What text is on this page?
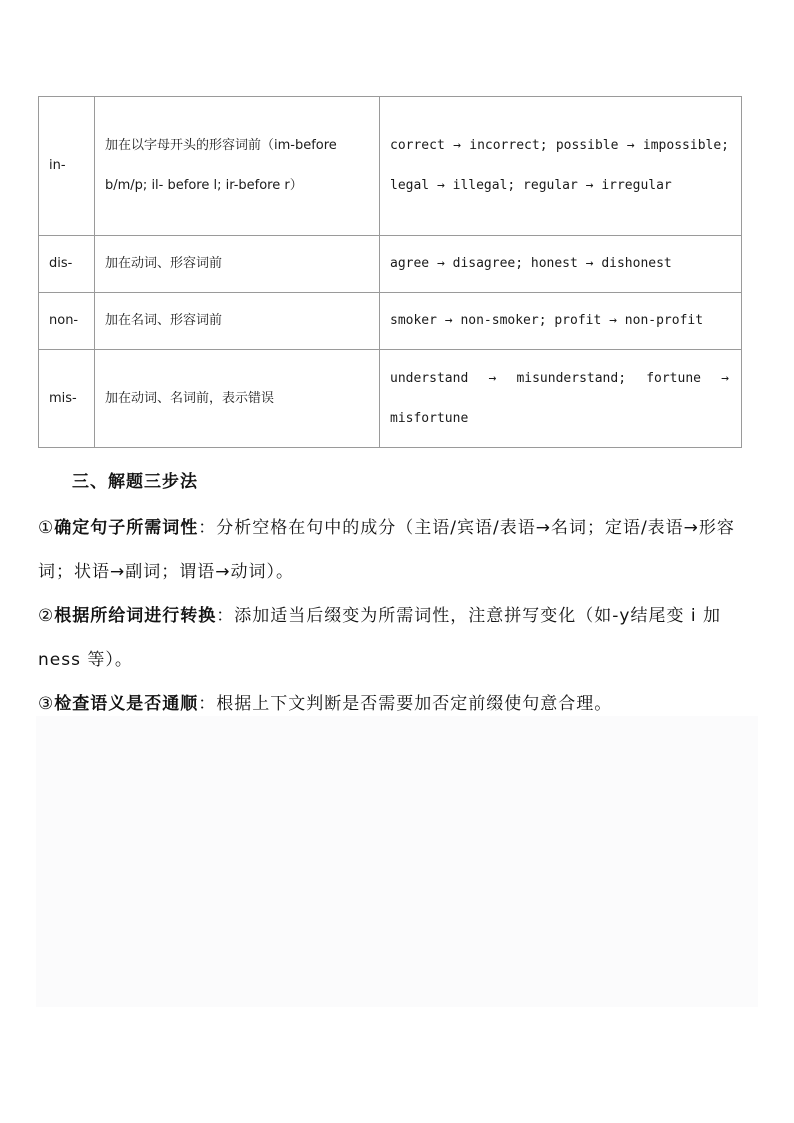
in-	加在以字母开头的形容词前（im-before b/m/p; il- before l; ir-before r）	correct → incorrect; possible → impossible; legal → illegal; regular → irregular
dis-	加在动词、形容词前	agree → disagree; honest → dishonest
non-	加在名词、形容词前	smoker → non-smoker; profit → non-profit
mis-	加在动词、名词前，表示错误	understand → misunderstand; fortune → misfortune
三、解题三步法

①确定句子所需词性：分析空格在句中的成分（主语/宾语/表语→名词；定语/表语→形容词；状语→副词；谓语→动词）。

②根据所给词进行转换：添加适当后缀变为所需词性，注意拼写变化（如-y结尾变 i 加 ness 等）。

③检查语义是否通顺：根据上下文判断是否需要加否定前缀使句意合理。
